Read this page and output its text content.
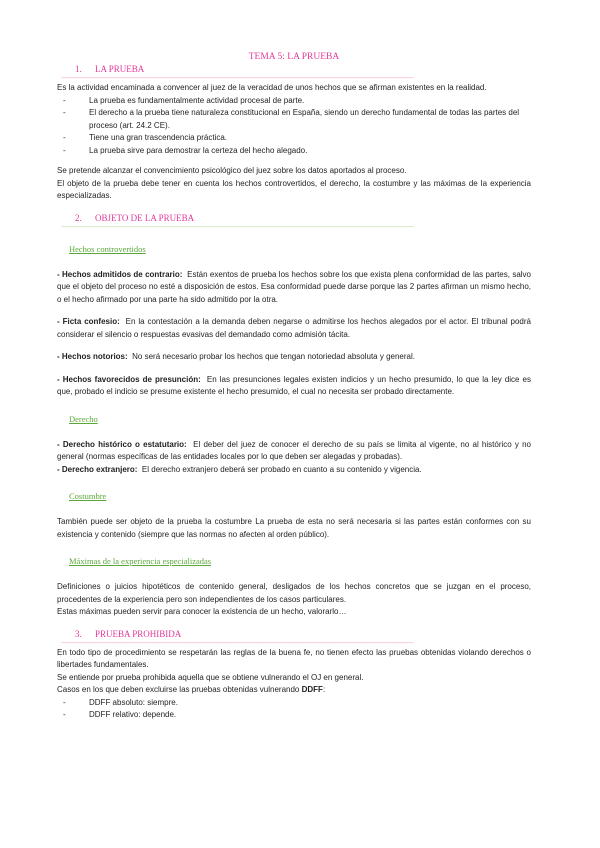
TEMA 5: LA PRUEBA
1. LA PRUEBA
——————————————————————————————————————————————————————

Es la actividad encaminada a convencer al juez de la veracidad de unos hechos que se afirman existentes en la realidad.

-	La prueba es fundamentalmente actividad procesal de parte.
-	El derecho a la prueba tiene naturaleza constitucional en España, siendo un derecho fundamental de todas las partes del proceso (art. 24.2 CE).
-	Tiene una gran trascendencia práctica.
-	La prueba sirve para demostrar la certeza del hecho alegado.

Se pretende alcanzar el convencimiento psicológico del juez sobre los datos aportados al proceso.

El objeto de la prueba debe tener en cuenta los hechos controvertidos, el derecho, la costumbre y las máximas de la experiencia especializadas.

2. OBJETO DE LA PRUEBA
——————————————————————————————————————————————————————
Hechos controvertidos

- Hechos admitidos de contrario: Están exentos de prueba los hechos sobre los que exista plena conformidad de las partes, salvo que el objeto del proceso no esté a disposición de estos. Esa conformidad puede darse porque las 2 partes afirman un mismo hecho, o el hecho afirmado por una parte ha sido admitido por la otra.

- Ficta confesio: En la contestación a la demanda deben negarse o admitirse los hechos alegados por el actor. El tribunal podrá considerar el silencio o respuestas evasivas del demandado como admisión tácita.

- Hechos notorios: No será necesario probar los hechos que tengan notoriedad absoluta y general.

- Hechos favorecidos de presunción: En las presunciones legales existen indicios y un hecho presumido, lo que la ley dice es que, probado el indicio se presume existente el hecho presumido, el cual no necesita ser probado directamente.

Derecho

- Derecho histórico o estatutario: El deber del juez de conocer el derecho de su país se limita al vigente, no al histórico y no general (normas específicas de las entidades locales por lo que deben ser alegadas y probadas).

- Derecho extranjero: El derecho extranjero deberá ser probado en cuanto a su contenido y vigencia.

Costumbre

También puede ser objeto de la prueba la costumbre La prueba de esta no será necesaria si las partes están conformes con su existencia y contenido (siempre que las normas no afecten al orden público).

Máximas de la experiencia especializadas

Definiciones o juicios hipotéticos de contenido general, desligados de los hechos concretos que se juzgan en el proceso, procedentes de la experiencia pero son independientes de los casos particulares.

Estas máximas pueden servir para conocer la existencia de un hecho, valorarlo…

3. PRUEBA PROHIBIDA
——————————————————————————————————————————————————————

En todo tipo de procedimiento se respetarán las reglas de la buena fe, no tienen efecto las pruebas obtenidas violando derechos o libertades fundamentales.

Se entiende por prueba prohibida aquella que se obtiene vulnerando el OJ en general.

Casos en los que deben excluirse las pruebas obtenidas vulnerando DDFF:

-	DDFF absoluto: siempre.
-	DDFF relativo: depende.
